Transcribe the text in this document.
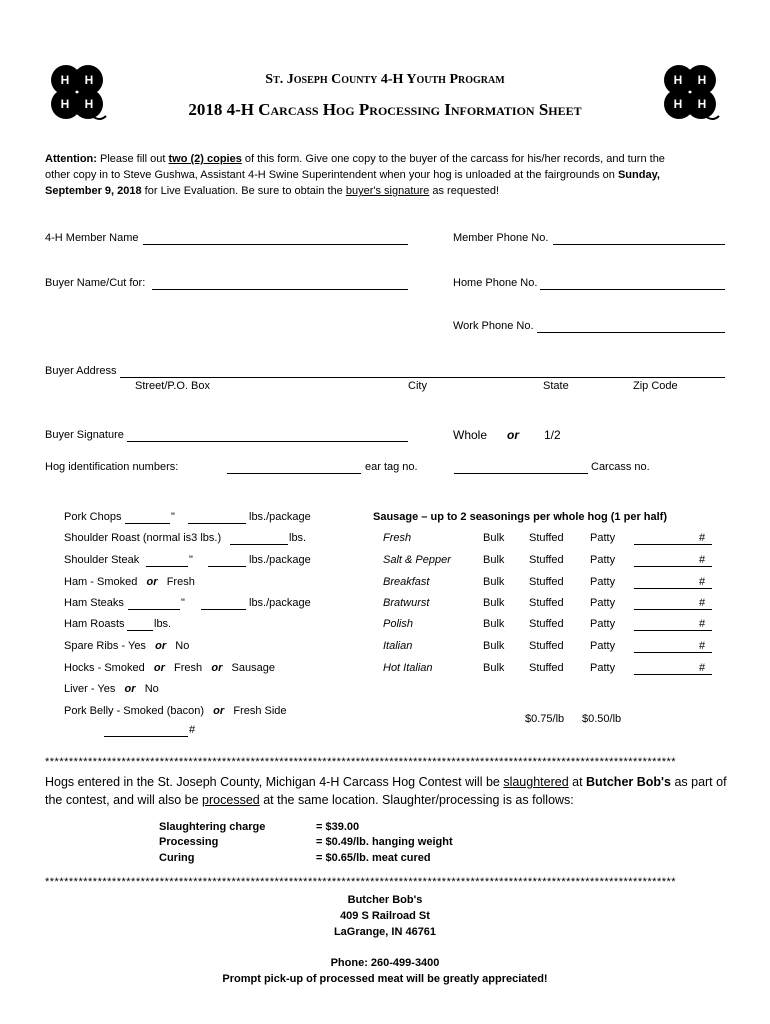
H H
H H
H H
H H
St. Joseph County 4-H Youth Program
2018 4-H Carcass Hog Processing Information Sheet
Attention: Please fill out two (2) copies of this form. Give one copy to the buyer of the carcass for his/her records, and turn the
other copy in to Steve Gushwa, Assistant 4-H Swine Superintendent when your hog is unloaded at the fairgrounds on Sunday,
September 9, 2018 for Live Evaluation. Be sure to obtain the buyer's signature as requested!
4-H Member Name	Member Phone No.
Buyer Name/Cut for:	Home Phone No.
Work Phone No.
Buyer Address
Street/P.O. Box	City	State	Zip Code
Buyer Signature	Whole or 1/2
Hog identification numbers:	ear tag no.	Carcass no.
Pork Chops	"	lbs./package
Shoulder Roast (normal is3 lbs.)	lbs.
Shoulder Steak	"	lbs./package
Ham - Smoked or Fresh
Ham Steaks	"	lbs./package
Ham Roasts	lbs.
Spare Ribs - Yes or No
Hocks - Smoked or Fresh or Sausage
Liver - Yes or No
Pork Belly - Smoked (bacon) or Fresh Side
#
Sausage – up to 2 seasonings per whole hog (1 per half)
Fresh	Bulk Stuffed Patty	#
Salt & Pepper	Bulk Stuffed Patty	#
Breakfast	Bulk Stuffed Patty	#
Bratwurst	Bulk Stuffed Patty	#
Polish	Bulk Stuffed Patty	#
Italian	Bulk Stuffed Patty	#
Hot Italian	Bulk Stuffed Patty	#
$0.75/lb $0.50/lb
************************************************************************************************************************************
Hogs entered in the St. Joseph County, Michigan 4-H Carcass Hog Contest will be slaughtered at Butcher Bob's as part of
the contest, and will also be processed at the same location. Slaughter/processing is as follows:
Slaughtering charge	= $39.00
Processing	= $0.49/lb. hanging weight
Curing	= $0.65/lb. meat cured
************************************************************************************************************************************
Butcher Bob's
409 S Railroad St
LaGrange, IN 46761
Phone: 260-499-3400
Prompt pick-up of processed meat will be greatly appreciated!
